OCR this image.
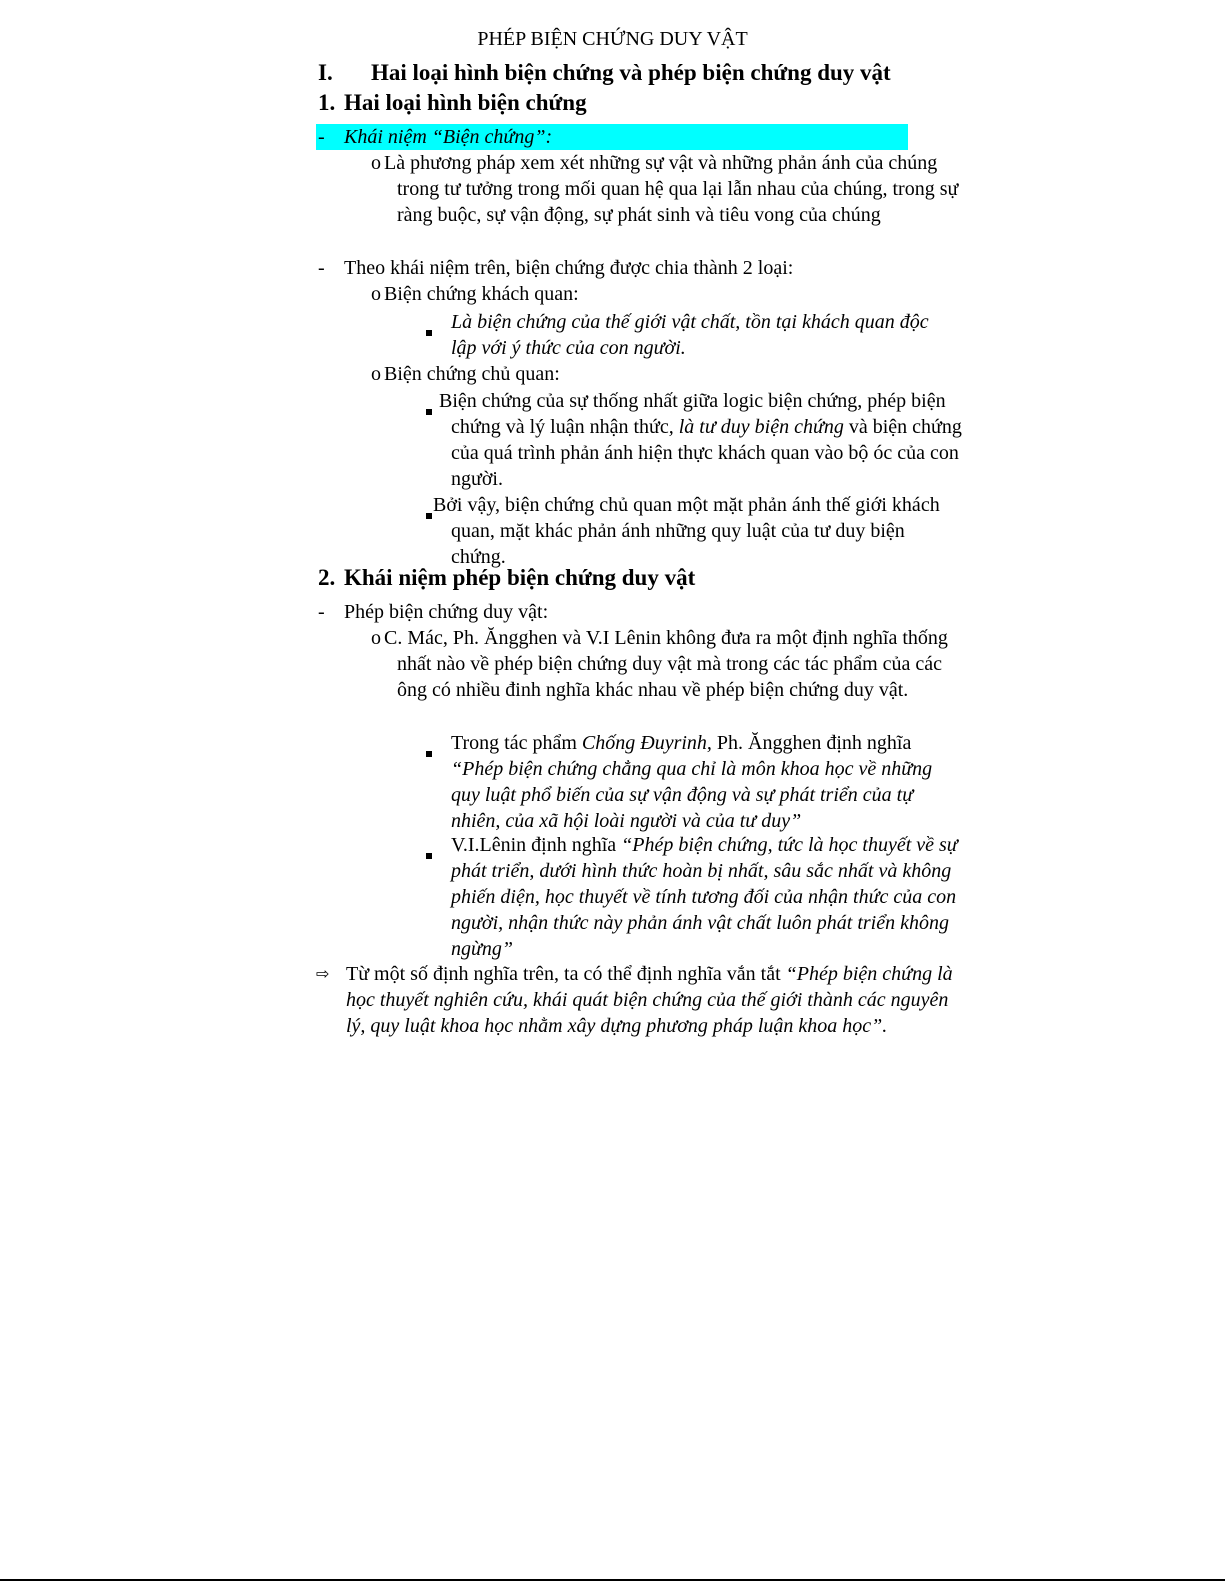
PHÉP BIỆN CHỨNG DUY VẬT
I. Hai loại hình biện chứng và phép biện chứng duy vật
1. Hai loại hình biện chứng
- Khái niệm “Biện chứng”:
o Là phương pháp xem xét những sự vật và những phản ánh của chúng trong tư tưởng trong mối quan hệ qua lại lẫn nhau của chúng, trong sự ràng buộc, sự vận động, sự phát sinh và tiêu vong của chúng
- Theo khái niệm trên, biện chứng được chia thành 2 loại:
o Biện chứng khách quan:
Là biện chứng của thế giới vật chất, tồn tại khách quan độc lập với ý thức của con người.
o Biện chứng chủ quan:
Biện chứng của sự thống nhất giữa logic biện chứng, phép biện chứng và lý luận nhận thức, là tư duy biện chứng và biện chứng của quá trình phản ánh hiện thực khách quan vào bộ óc của con người.
Bởi vậy, biện chứng chủ quan một mặt phản ánh thế giới khách quan, mặt khác phản ánh những quy luật của tư duy biện chứng.
2. Khái niệm phép biện chứng duy vật
- Phép biện chứng duy vật:
o C. Mác, Ph. Ăngghen và V.I Lênin không đưa ra một định nghĩa thống nhất nào về phép biện chứng duy vật mà trong các tác phẩm của các ông có nhiều đinh nghĩa khác nhau về phép biện chứng duy vật.
Trong tác phẩm Chống Đuyrinh, Ph. Ăngghen định nghĩa “Phép biện chứng chẳng qua chỉ là môn khoa học về những quy luật phổ biến của sự vận động và sự phát triển của tự nhiên, của xã hội loài người và của tư duy”
V.I.Lênin định nghĩa “Phép biện chứng, tức là học thuyết về sự phát triển, dưới hình thức hoàn bị nhất, sâu sắc nhất và không phiến diện, học thuyết về tính tương đối của nhận thức của con người, nhận thức này phản ánh vật chất luôn phát triển không ngừng”
⇨ Từ một số định nghĩa trên, ta có thể định nghĩa vắn tắt “Phép biện chứng là học thuyết nghiên cứu, khái quát biện chứng của thế giới thành các nguyên lý, quy luật khoa học nhằm xây dựng phương pháp luận khoa học”.
